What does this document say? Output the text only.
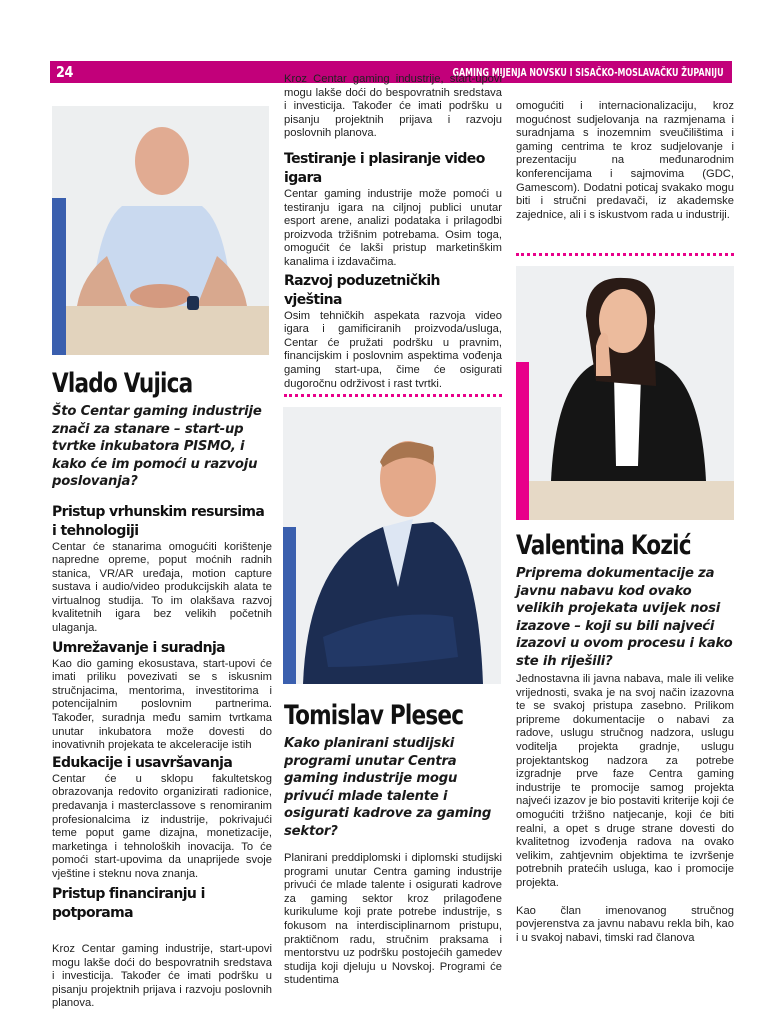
24	GAMING MIJENJA NOVSKU I SISAČKO-MOSLAVAČKU ŽUPANIJU
Vlado Vujica
Što Centar gaming industrije znači za stanare – start-up tvrtke inkubatora PISMO, i kako će im pomoći u razvoju poslovanja?
Pristup vrhunskim resursima i tehnologiji
Centar će stanarima omogućiti korištenje napredne opreme, poput moćnih radnih stanica, VR/AR uređaja, motion capture sustava i audio/video produkcijskih alata te virtualnog studija. To im olakšava razvoj kvalitetnih igara bez velikih početnih ulaganja.
Umrežavanje i suradnja
Kao dio gaming ekosustava, start-upovi će imati priliku povezivati se s iskusnim stručnjacima, mentorima, investitorima i potencijalnim poslovnim partnerima. Također, suradnja među samim tvrtkama unutar inkubatora može dovesti do inovativnih projekata te akceleracije istih
Edukacije i usavršavanja
Centar će u sklopu fakultetskog obrazovanja redovito organizirati radionice, predavanja i masterclassove s renomiranim profesionalcima iz industrije, pokrivajući teme poput game dizajna, monetizacije, marketinga i tehnoloških inovacija. To će pomoći start-upovima da unaprijede svoje vještine i steknu nova znanja.
Pristup financiranju i potporama
Kroz Centar gaming industrije, start-upovi mogu lakše doći do bespovratnih sredstava i investicija. Također će imati podršku u pisanju projektnih prijava i razvoju poslovnih planova.
Kroz Centar gaming industrije, start-upovi mogu lakše doći do bespovratnih sredstava i investicija. Također će imati podršku u pisanju projektnih prijava i razvoju poslovnih planova.
Testiranje i plasiranje video igara
Centar gaming industrije može pomoći u testiranju igara na ciljnoj publici unutar esport arene, analizi podataka i prilagodbi proizvoda tržišnim potrebama. Osim toga, omogućit će lakši pristup marketinškim kanalima i izdavačima.
Razvoj poduzetničkih vještina
Osim tehničkih aspekata razvoja video igara i gamificiranih proizvoda/usluga, Centar će pružati podršku u pravnim, financijskim i poslovnim aspektima vođenja gaming start-upa, čime će osigurati dugoročnu održivost i rast tvrtki.
Tomislav Plesec
Kako planirani studijski programi unutar Centra gaming industrije mogu privući mlade talente i osigurati kadrove za gaming sektor?
Planirani preddiplomski i diplomski studijski programi unutar Centra gaming industrije privući će mlade talente i osigurati kadrove za gaming sektor kroz prilagođene kurikulume koji prate potrebe industrije, s fokusom na interdisciplinarnom pristupu, praktičnom radu, stručnim praksama i mentorstvu uz podršku postojećih gamedev studija koji djeluju u Novskoj. Programi će studentima
omogućiti i internacionalizaciju, kroz mogućnost sudjelovanja na razmjenama i suradnjama s inozemnim sveučilištima i gaming centrima te kroz sudjelovanje i prezentaciju na međunarodnim konferencijama i sajmovima (GDC, Gamescom). Dodatni poticaj svakako mogu biti i stručni predavači, iz akademske zajednice, ali i s iskustvom rada u industriji.
Valentina Kozić
Priprema dokumentacije za javnu nabavu kod ovako velikih projekata uvijek nosi izazove – koji su bili najveći izazovi u ovom procesu i kako ste ih riješili?
Jednostavna ili javna nabava, male ili velike vrijednosti, svaka je na svoj način izazovna te se svakoj pristupa zasebno. Prilikom pripreme dokumentacije o nabavi za radove, uslugu stručnog nadzora, uslugu voditelja projekta gradnje, uslugu projektantskog nadzora za potrebe izgradnje prve faze Centra gaming industrije te promocije samog projekta najveći izazov je bio postaviti kriterije koji će omogućiti tržišno natjecanje, koji će biti realni, a opet s druge strane dovesti do kvalitetnog izvođenja radova na ovako velikim, zahtjevnim objektima te izvršenje potrebnih pratećih usluga, kao i promocije projekta.
Kao član imenovanog stručnog povjerenstva za javnu nabavu rekla bih, kao i u svakoj nabavi, timski rad članova
